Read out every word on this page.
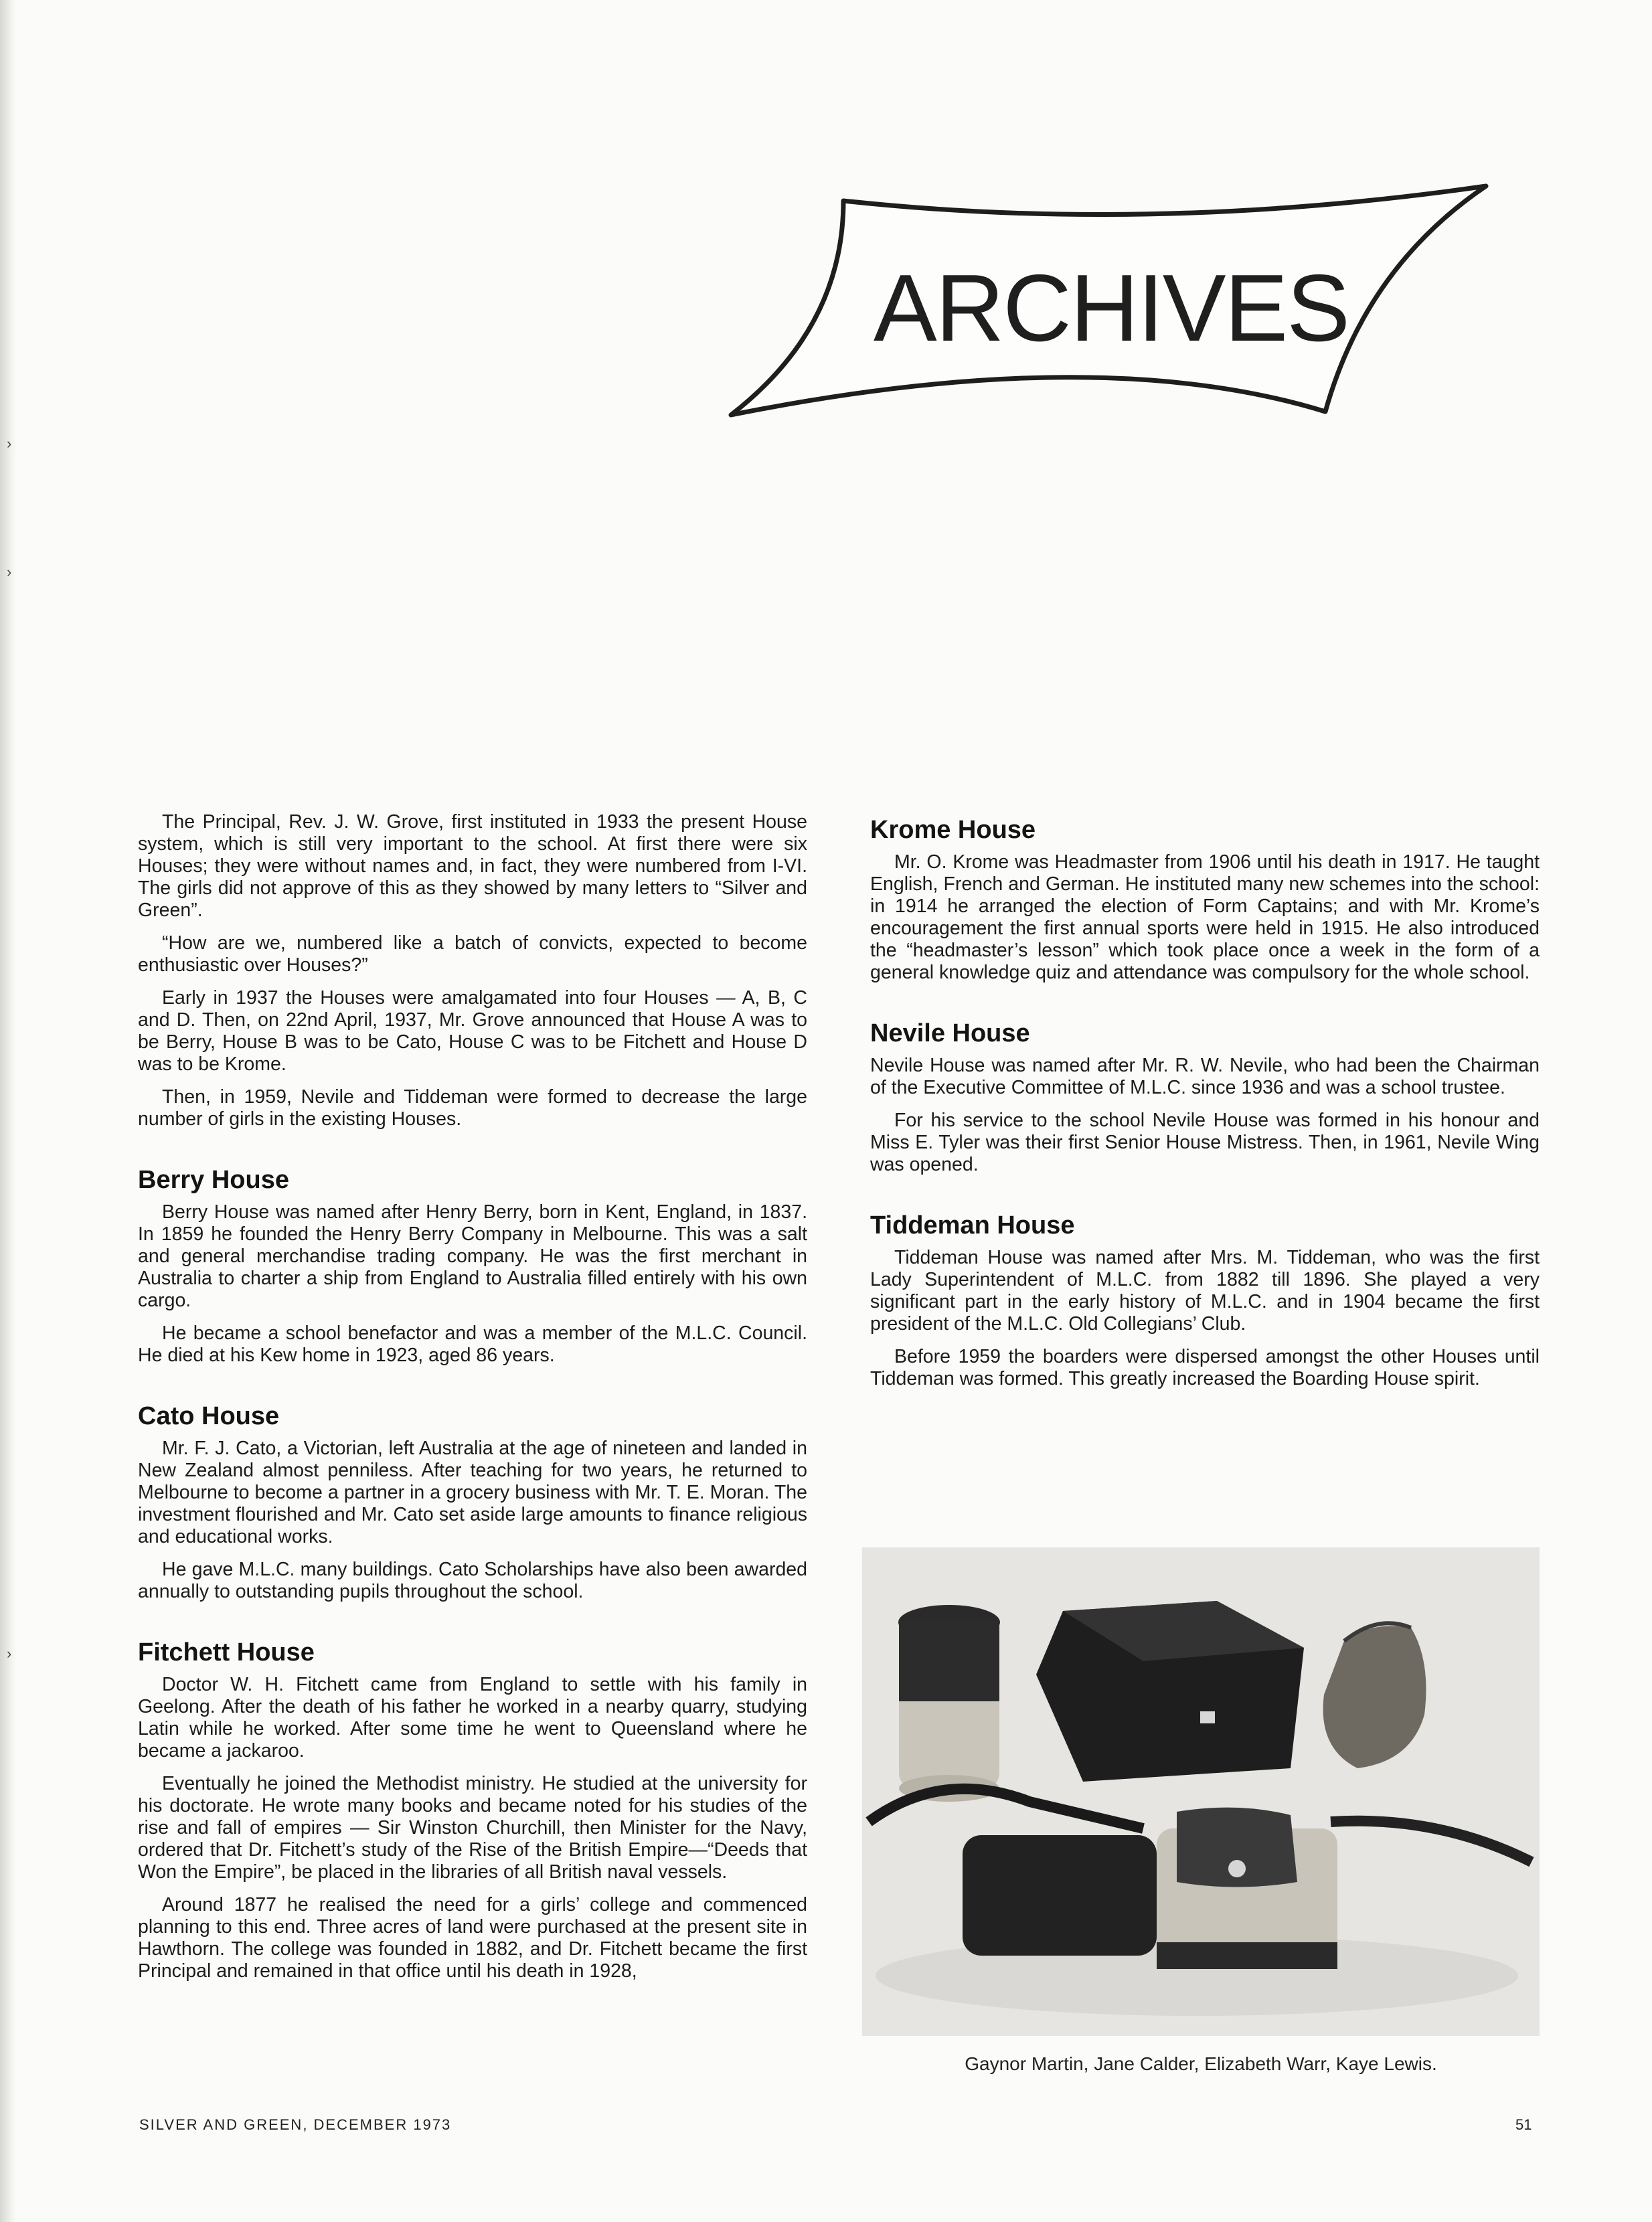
›
›
›
ARCHIVES

The Principal, Rev. J. W. Grove, first instituted in 1933 the present House system, which is still very important to the school. At first there were six Houses; they were without names and, in fact, they were numbered from I-VI. The girls did not approve of this as they showed by many letters to “Silver and Green”.

“How are we, numbered like a batch of convicts, expected to become enthusiastic over Houses?”

Early in 1937 the Houses were amalgamated into four Houses — A, B, C and D. Then, on 22nd April, 1937, Mr. Grove announced that House A was to be Berry, House B was to be Cato, House C was to be Fitchett and House D was to be Krome.

Then, in 1959, Nevile and Tiddeman were formed to decrease the large number of girls in the existing Houses.

Berry House

Berry House was named after Henry Berry, born in Kent, England, in 1837. In 1859 he founded the Henry Berry Company in Melbourne. This was a salt and general merchandise trading company. He was the first merchant in Australia to charter a ship from England to Australia filled entirely with his own cargo.

He became a school benefactor and was a member of the M.L.C. Council. He died at his Kew home in 1923, aged 86 years.

Cato House

Mr. F. J. Cato, a Victorian, left Australia at the age of nineteen and landed in New Zealand almost penniless. After teaching for two years, he returned to Melbourne to become a partner in a grocery business with Mr. T. E. Moran. The investment flourished and Mr. Cato set aside large amounts to finance religious and educational works.

He gave M.L.C. many buildings. Cato Scholarships have also been awarded annually to outstanding pupils throughout the school.

Fitchett House

Doctor W. H. Fitchett came from England to settle with his family in Geelong. After the death of his father he worked in a nearby quarry, studying Latin while he worked. After some time he went to Queensland where he became a jackaroo.

Eventually he joined the Methodist ministry. He studied at the university for his doctorate. He wrote many books and became noted for his studies of the rise and fall of empires — Sir Winston Churchill, then Minister for the Navy, ordered that Dr. Fitchett’s study of the Rise of the British Empire—“Deeds that Won the Empire”, be placed in the libraries of all British naval vessels.

Around 1877 he realised the need for a girls’ college and commenced planning to this end. Three acres of land were purchased at the present site in Hawthorn. The college was founded in 1882, and Dr. Fitchett became the first Principal and remained in that office until his death in 1928,

Krome House

Mr. O. Krome was Headmaster from 1906 until his death in 1917. He taught English, French and German. He instituted many new schemes into the school: in 1914 he arranged the election of Form Captains; and with Mr. Krome’s encouragement the first annual sports were held in 1915. He also introduced the “headmaster’s lesson” which took place once a week in the form of a general knowledge quiz and attendance was compulsory for the whole school.

Nevile House

Nevile House was named after Mr. R. W. Nevile, who had been the Chairman of the Executive Committee of M.L.C. since 1936 and was a school trustee.

For his service to the school Nevile House was formed in his honour and Miss E. Tyler was their first Senior House Mistress. Then, in 1961, Nevile Wing was opened.

Tiddeman House

Tiddeman House was named after Mrs. M. Tiddeman, who was the first Lady Superintendent of M.L.C. from 1882 till 1896. She played a very significant part in the early history of M.L.C. and in 1904 became the first president of the M.L.C. Old Collegians’ Club.

Before 1959 the boarders were dispersed amongst the other Houses until Tiddeman was formed. This greatly increased the Boarding House spirit.

Gaynor Martin, Jane Calder, Elizabeth Warr, Kaye Lewis.
SILVER AND GREEN, DECEMBER 1973	51
